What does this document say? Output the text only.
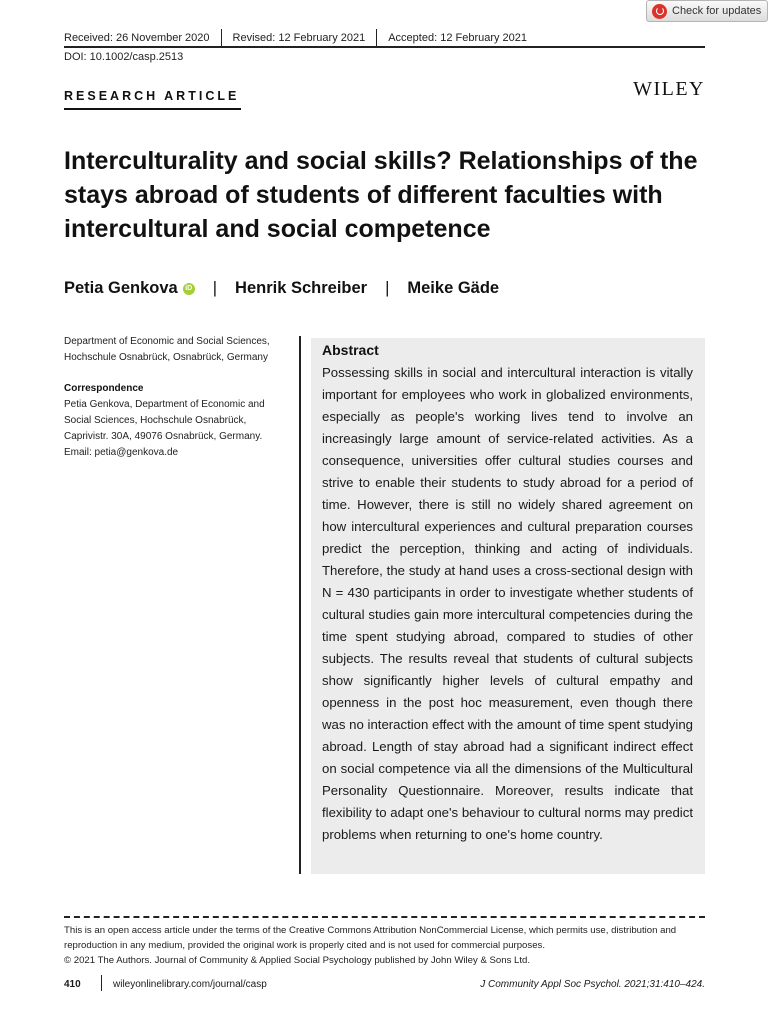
Check for updates
Received: 26 November 2020 Revised: 12 February 2021 Accepted: 12 February 2021
DOI: 10.1002/casp.2513
RESEARCH ARTICLE	WILEY
Interculturality and social skills? Relationships of the stays abroad of students of different faculties with intercultural and social competence
Petia Genkova	iD | Henrik Schreiber | Meike Gäde
Department of Economic and Social Sciences, Hochschule Osnabrück, Osnabrück, Germany
Correspondence
Petia Genkova, Department of Economic and Social Sciences, Hochschule Osnabrück, Caprivistr. 30A, 49076 Osnabrück, Germany.
Email: petia@genkova.de
Abstract

Possessing skills in social and intercultural interaction is vitally important for employees who work in globalized environments, especially as people's working lives tend to involve an increasingly large amount of service-related activities. As a consequence, universities offer cultural studies courses and strive to enable their students to study abroad for a period of time. However, there is still no widely shared agreement on how intercultural experiences and cultural preparation courses predict the perception, thinking and acting of individuals. Therefore, the study at hand uses a cross-sectional design with N = 430 participants in order to investigate whether students of cultural studies gain more intercultural competencies during the time spent studying abroad, compared to studies of other subjects. The results reveal that students of cultural subjects show significantly higher levels of cultural empathy and openness in the post hoc measurement, even though there was no interaction effect with the amount of time spent studying abroad. Length of stay abroad had a significant indirect effect on social competence via all the dimensions of the Multicultural Personality Questionnaire. Moreover, results indicate that flexibility to adapt one's behaviour to cultural norms may predict problems when returning to one's home country.

This is an open access article under the terms of the Creative Commons Attribution NonCommercial License, which permits use, distribution and reproduction in any medium, provided the original work is properly cited and is not used for commercial purposes.
© 2021 The Authors. Journal of Community & Applied Social Psychology published by John Wiley & Sons Ltd.
410	wileyonlinelibrary.com/journal/casp	J Community Appl Soc Psychol. 2021;31:410–424.
